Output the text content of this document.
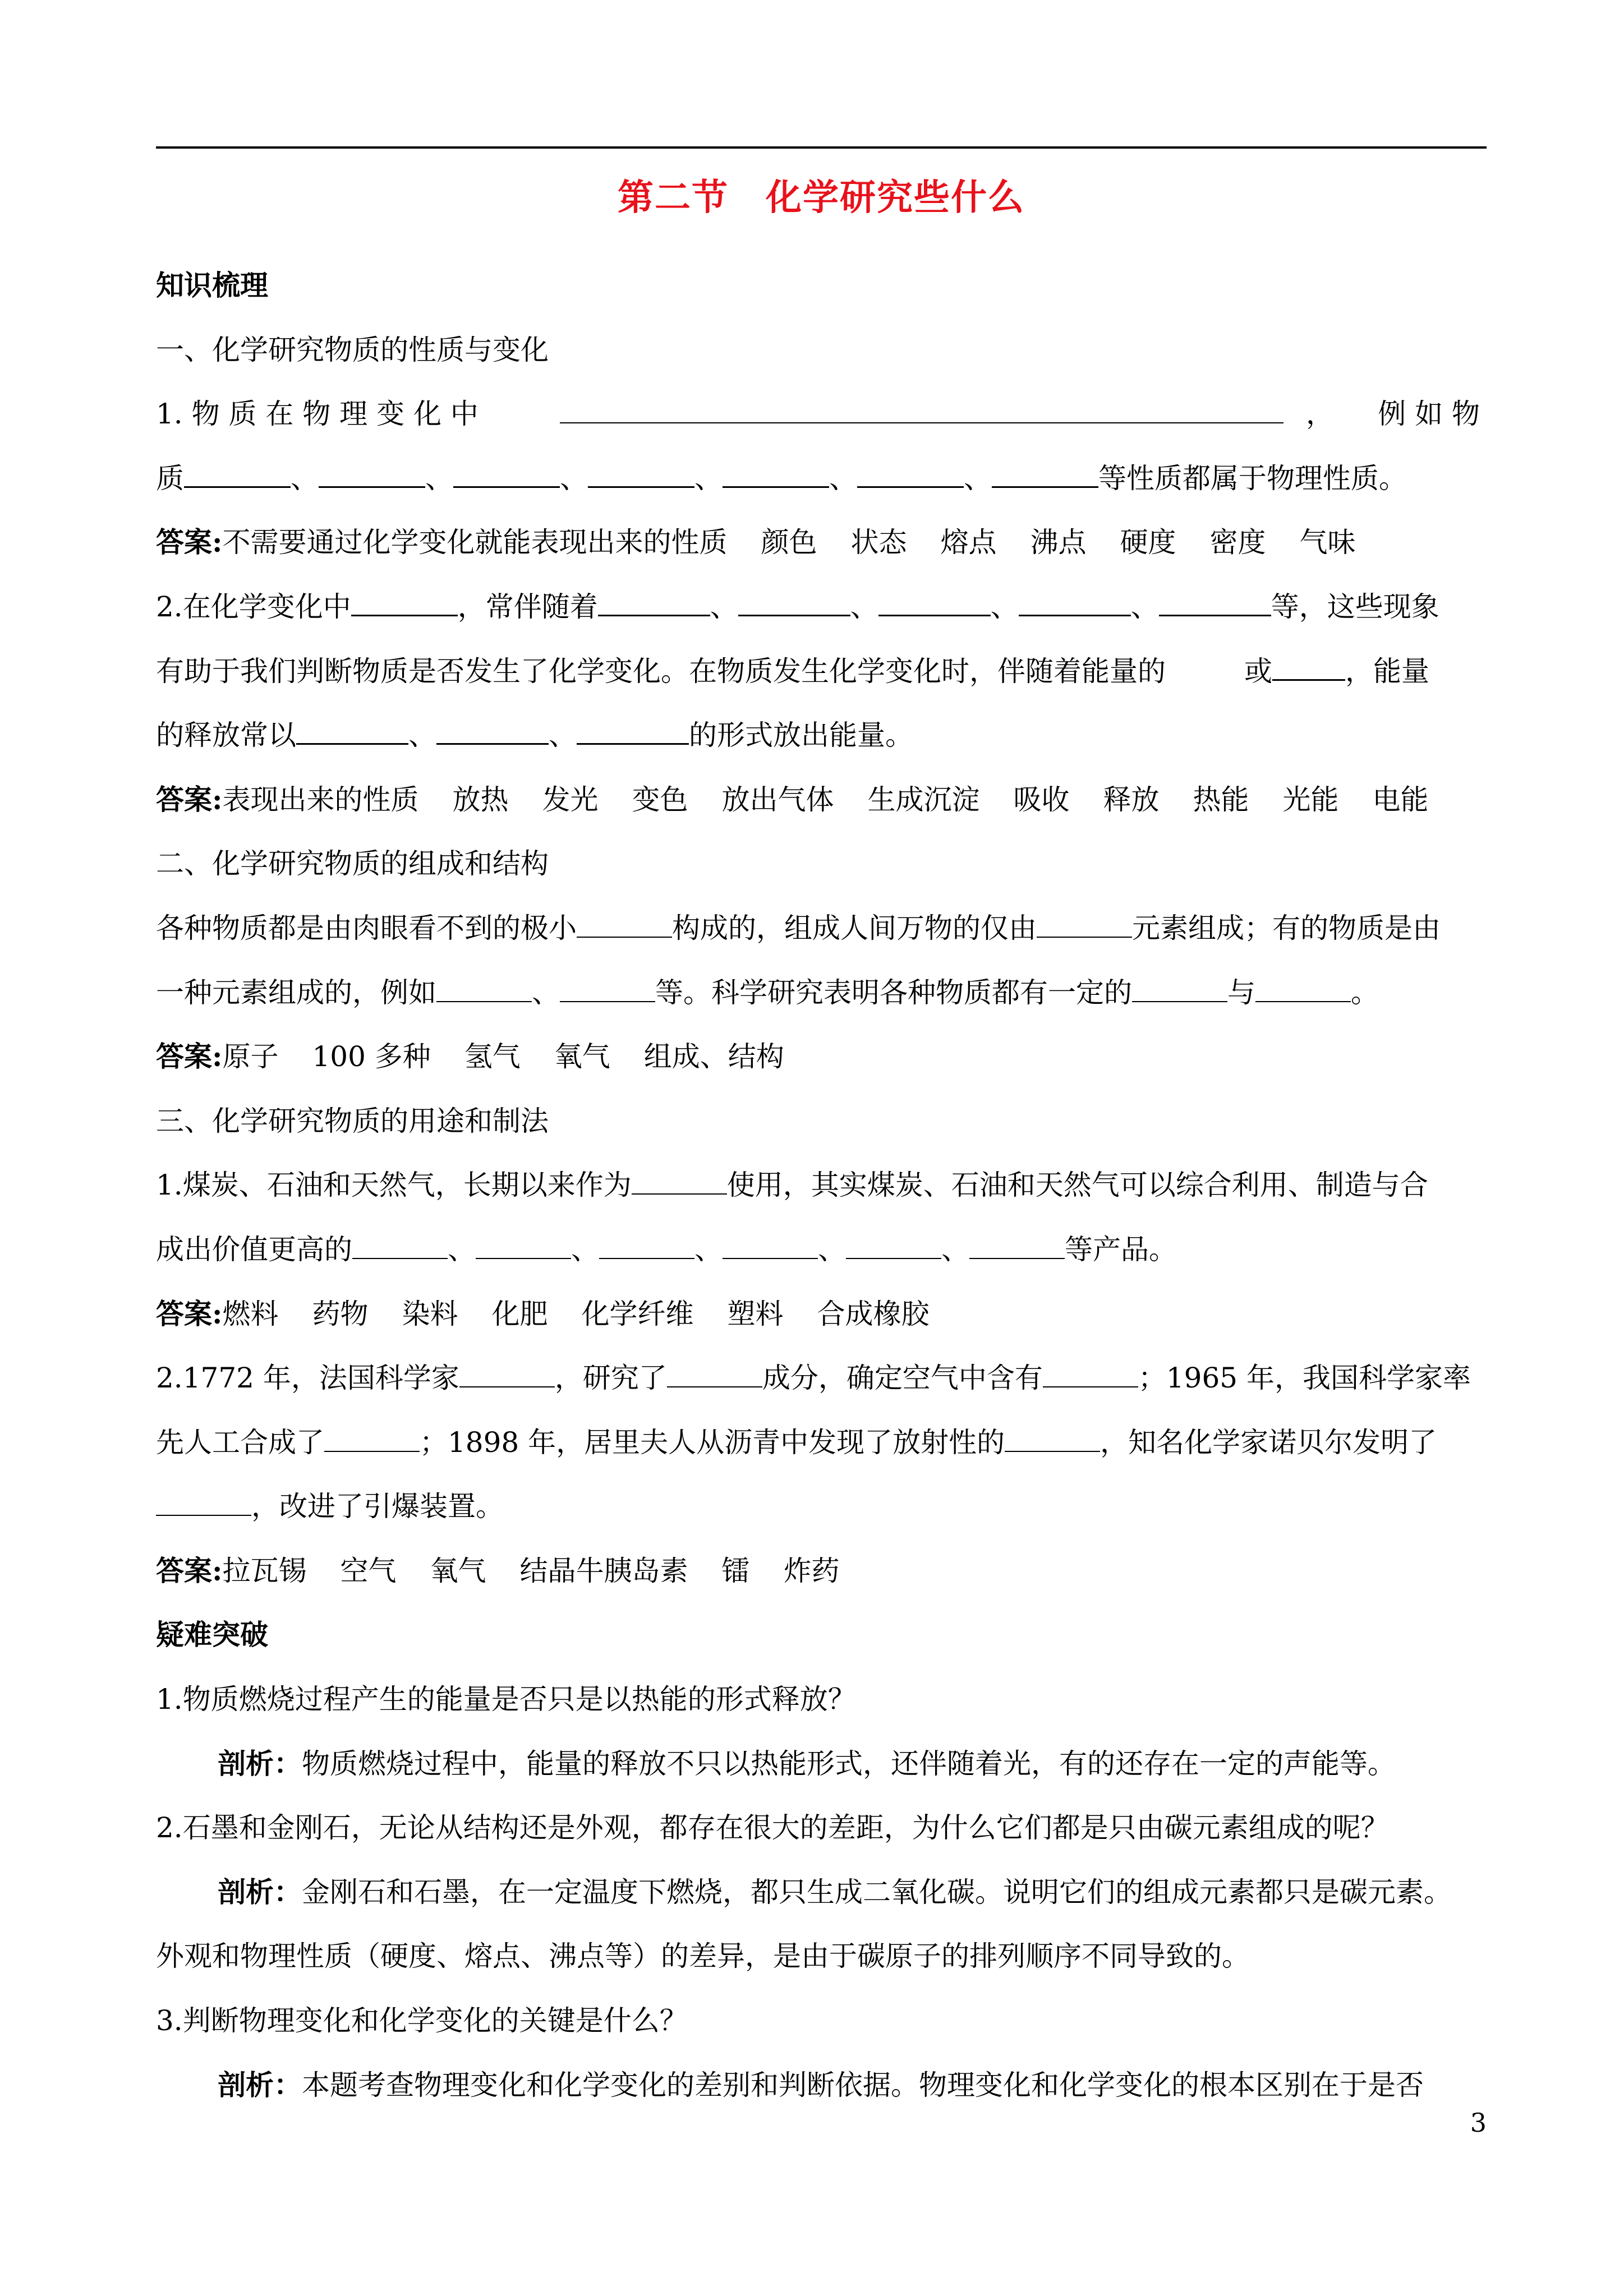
第二节　化学研究些什么
知识梳理
一、化学研究物质的性质与变化
1. 物 质 在 物 理 变 化 中	， 例 如 物
质	、	、	、	、	、	、	等性质都属于物理性质。
答案:不需要通过化学变化就能表现出来的性质 颜色 状态 熔点 沸点 硬度 密度 气味
2.在化学变化中	，常伴随着	、	、	、	、	等，这些现象
有助于我们判断物质是否发生了化学变化。在物质发生化学变化时，伴随着能量的	或	，能量
的释放常以	、	、	的形式放出能量。
答案:表现出来的性质 放热 发光 变色 放出气体 生成沉淀 吸收 释放 热能 光能 电能
二、化学研究物质的组成和结构
各种物质都是由肉眼看不到的极小	构成的，组成人间万物的仅由	元素组成；有的物质是由
一种元素组成的，例如	、	等。科学研究表明各种物质都有一定的	与	。
答案:原子 100 多种 氢气 氧气 组成、结构
三、化学研究物质的用途和制法
1.煤炭、石油和天然气，长期以来作为	使用，其实煤炭、石油和天然气可以综合利用、制造与合
成出价值更高的	、	、	、	、	、	等产品。
答案:燃料 药物 染料 化肥 化学纤维 塑料 合成橡胶
2.1772 年，法国科学家	，研究了	成分，确定空气中含有	；1965 年，我国科学家率
先人工合成了	；1898 年，居里夫人从沥青中发现了放射性的	，知名化学家诺贝尔发明了
，改进了引爆装置。
答案:拉瓦锡 空气 氧气 结晶牛胰岛素 镭 炸药
疑难突破
1.物质燃烧过程产生的能量是否只是以热能的形式释放？
剖析：物质燃烧过程中，能量的释放不只以热能形式，还伴随着光，有的还存在一定的声能等。
2.石墨和金刚石，无论从结构还是外观，都存在很大的差距，为什么它们都是只由碳元素组成的呢？
剖析：金刚石和石墨，在一定温度下燃烧，都只生成二氧化碳。说明它们的组成元素都只是碳元素。
外观和物理性质（硬度、熔点、沸点等）的差异，是由于碳原子的排列顺序不同导致的。
3.判断物理变化和化学变化的关键是什么？
剖析：本题考查物理变化和化学变化的差别和判断依据。物理变化和化学变化的根本区别在于是否
3
